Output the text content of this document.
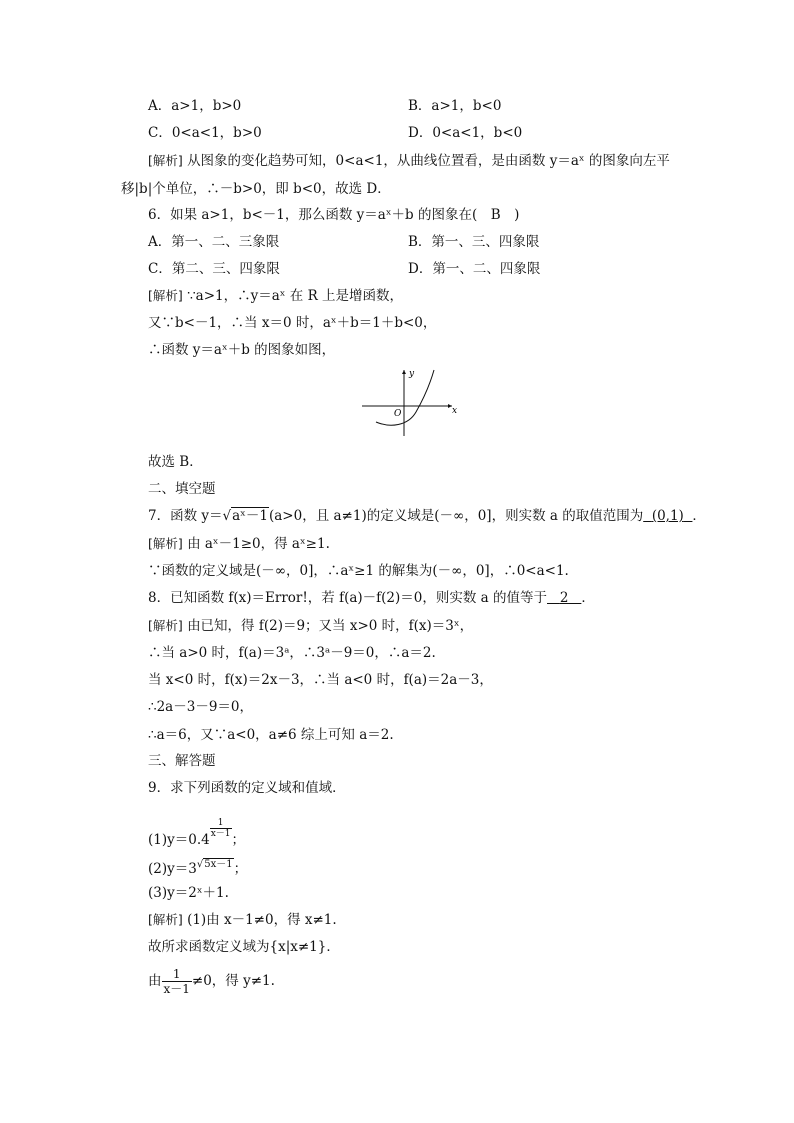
A．a>1，b>0	B．a>1，b<0
C．0<a<1，b>0	D．0<a<1，b<0
[解析] 从图象的变化趋势可知，0<a<1，从曲线位置看，是由函数 y＝aˣ 的图象向左平
移|b|个单位，∴－b>0，即 b<0，故选 D．
6．如果 a>1，b<－1，那么函数 y＝aˣ＋b 的图象在(　B　)
A．第一、二、三象限	B．第一、三、四象限
C．第二、三、四象限	D．第一、二、四象限
[解析] ∵a>1，∴y＝aˣ 在 R 上是增函数，
又∵b<－1，∴当 x＝0 时，aˣ＋b＝1＋b<0，
∴函数 y＝aˣ＋b 的图象如图，
y
x
O
故选 B．
二、填空题
7．函数 y＝√aˣ－1(a>0，且 a≠1)的定义域是(－∞，0]，则实数 a 的取值范围为 (0,1) ．
[解析] 由 aˣ－1≥0，得 aˣ≥1.
∵函数的定义域是(－∞，0]，∴aˣ≥1 的解集为(－∞，0]，∴0<a<1.
8．已知函数 f(x)＝Error!，若 f(a)－f(2)＝0，则实数 a 的值等于 2 ．
[解析] 由已知，得 f(2)＝9；又当 x>0 时，f(x)＝3ˣ，
∴当 a>0 时，f(a)＝3ᵃ，∴3ᵃ－9＝0，∴a＝2.
当 x<0 时，f(x)＝2x－3，∴当 a<0 时，f(a)＝2a－3，
∴2a－3－9＝0，
∴a＝6，又∵a<0，a≠6 综上可知 a＝2.
三、解答题
9．求下列函数的定义域和值域．
(1)y＝0.4
$\frac{1}{x-1}$
；
$(2)y=3^{√5x-1}$；
(3)y＝2ˣ＋1.
[解析] (1)由 x－1≠0，得 x≠1.
故所求函数定义域为{x|x≠1}．
由 $\frac{1}{x-1} \ne 0$，得 y≠1.
